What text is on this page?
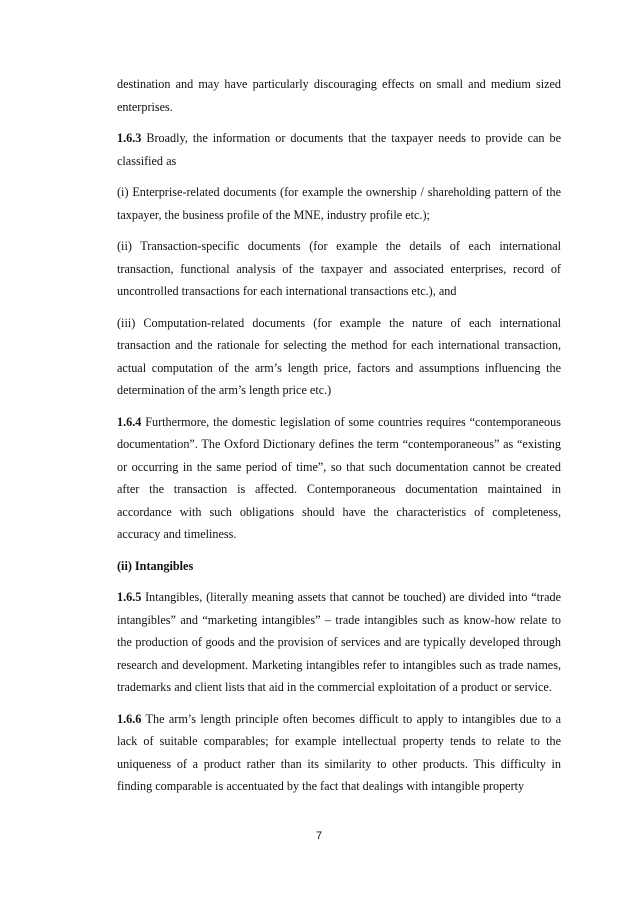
destination and may have particularly discouraging effects on small and medium sized enterprises.

1.6.3 Broadly, the information or documents that the taxpayer needs to provide can be classified as

(i) Enterprise-related documents (for example the ownership / shareholding pattern of the taxpayer, the business profile of the MNE, industry profile etc.);

(ii) Transaction-specific documents (for example the details of each international transaction, functional analysis of the taxpayer and associated enterprises, record of uncontrolled transactions for each international transactions etc.), and

(iii) Computation-related documents (for example the nature of each international transaction and the rationale for selecting the method for each international transaction, actual computation of the arm’s length price, factors and assumptions influencing the determination of the arm’s length price etc.)

1.6.4 Furthermore, the domestic legislation of some countries requires “contemporaneous documentation”. The Oxford Dictionary defines the term “contemporaneous” as “existing or occurring in the same period of time”, so that such documentation cannot be created after the transaction is affected. Contemporaneous documentation maintained in accordance with such obligations should have the characteristics of completeness, accuracy and timeliness.

(ii) Intangibles

1.6.5 Intangibles, (literally meaning assets that cannot be touched) are divided into “trade intangibles” and “marketing intangibles” – trade intangibles such as know-how relate to the production of goods and the provision of services and are typically developed through research and development. Marketing intangibles refer to intangibles such as trade names, trademarks and client lists that aid in the commercial exploitation of a product or service.

1.6.6 The arm’s length principle often becomes difficult to apply to intangibles due to a lack of suitable comparables; for example intellectual property tends to relate to the uniqueness of a product rather than its similarity to other products. This difficulty in finding comparable is accentuated by the fact that dealings with intangible property

7
